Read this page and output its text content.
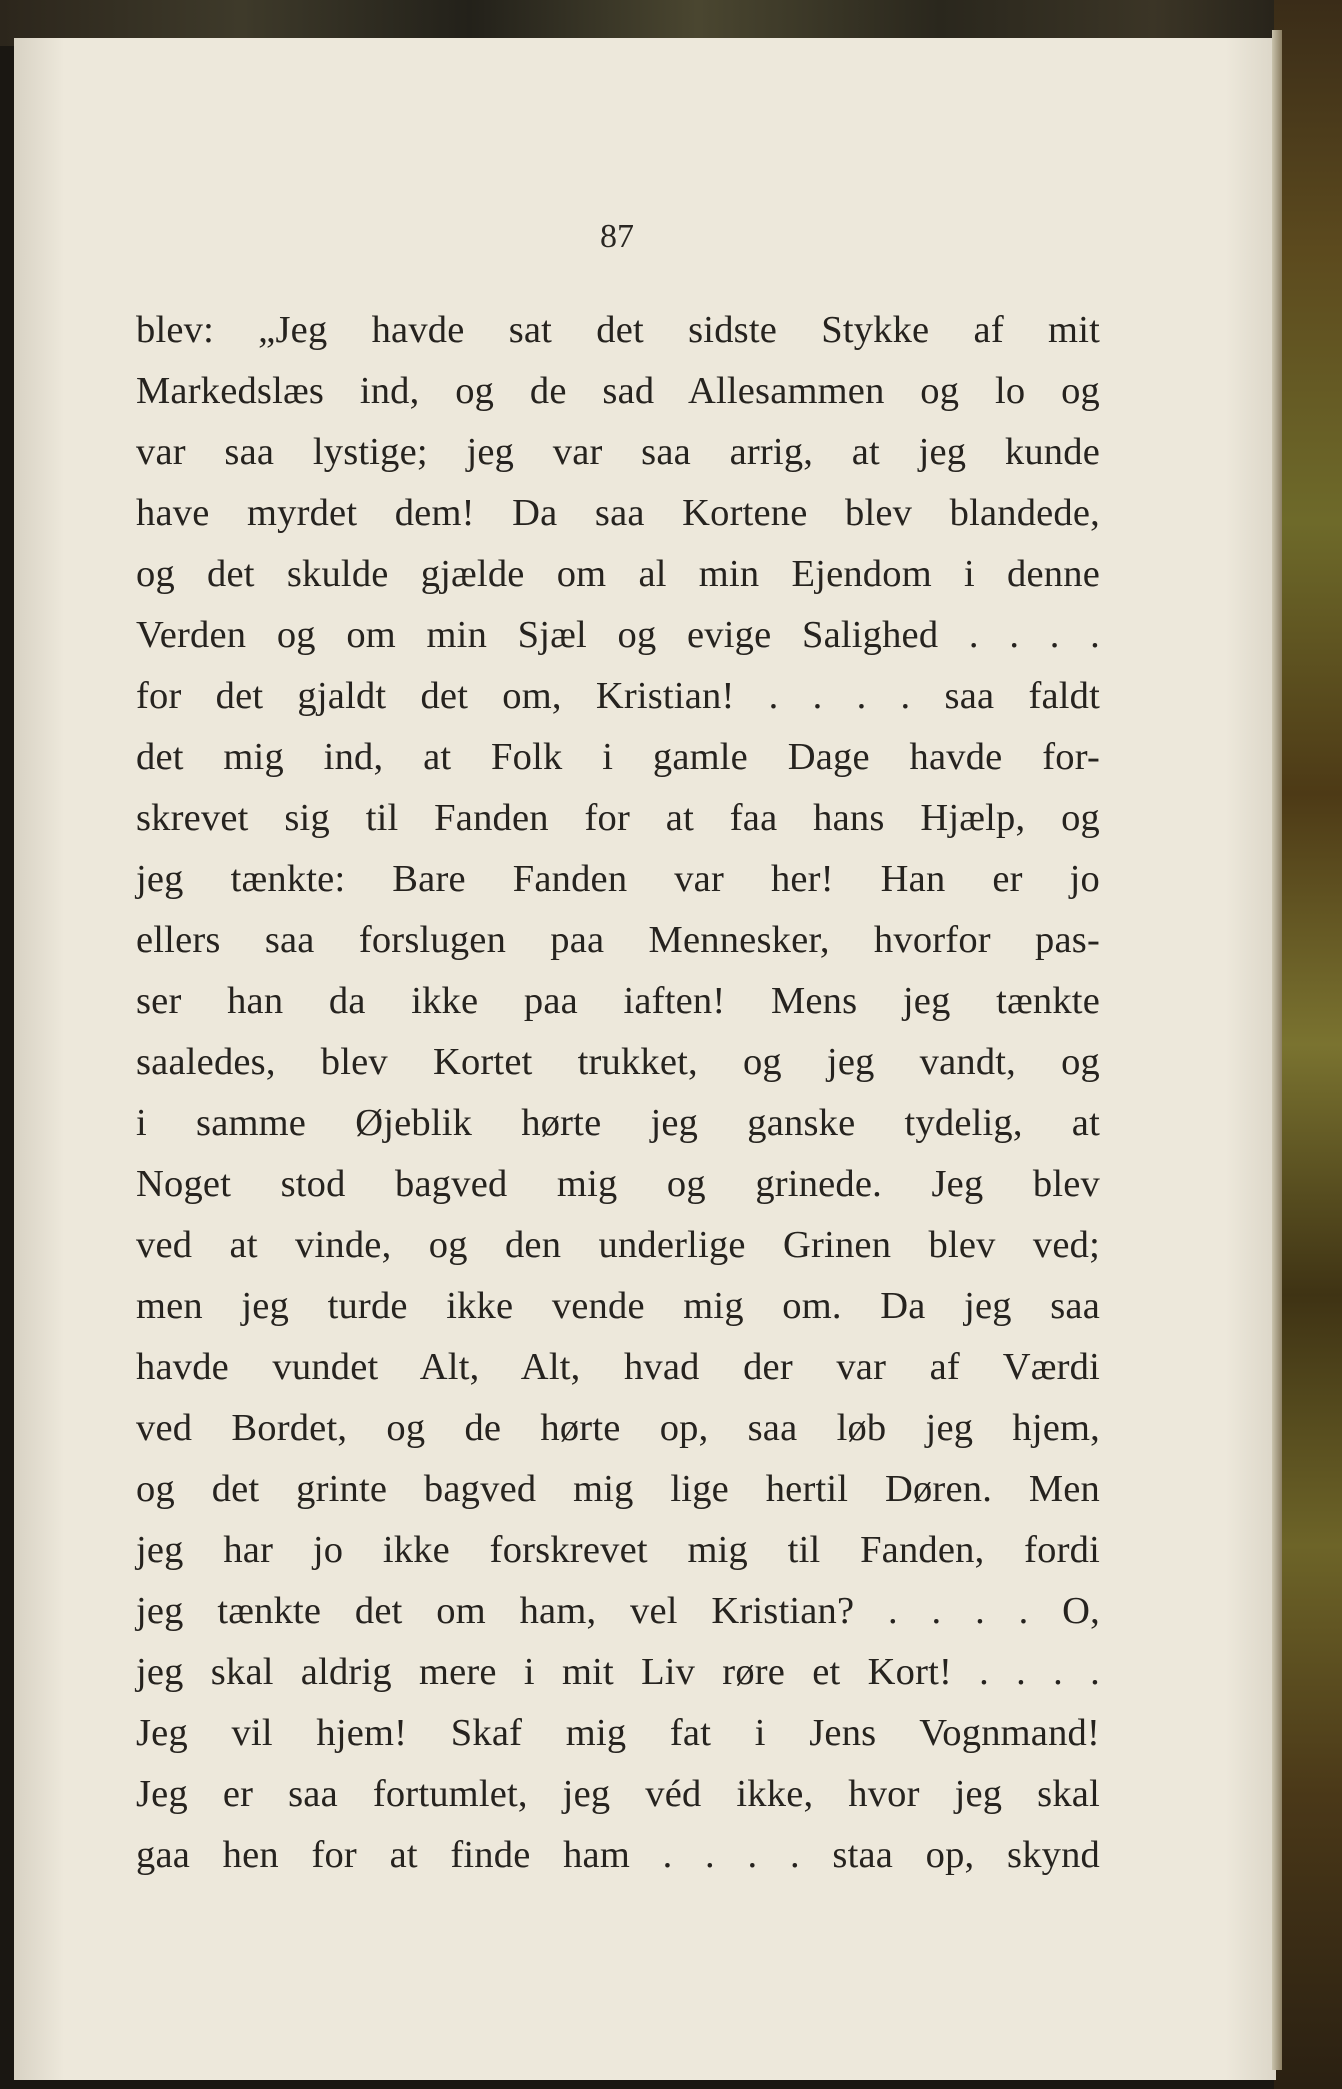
87

blev: „Jeg havde sat det sidste Stykke af mit
Markedslæs ind, og de sad Allesammen og lo og
var saa lystige; jeg var saa arrig, at jeg kunde
have myrdet dem! Da saa Kortene blev blandede,
og det skulde gjælde om al min Ejendom i denne
Verden og om min Sjæl og evige Salighed . . . .
for det gjaldt det om, Kristian! . . . . saa faldt
det mig ind, at Folk i gamle Dage havde for-
skrevet sig til Fanden for at faa hans Hjælp, og
jeg tænkte: Bare Fanden var her! Han er jo
ellers saa forslugen paa Mennesker, hvorfor pas-
ser han da ikke paa iaften! Mens jeg tænkte
saaledes, blev Kortet trukket, og jeg vandt, og
i samme Øjeblik hørte jeg ganske tydelig, at
Noget stod bagved mig og grinede. Jeg blev
ved at vinde, og den underlige Grinen blev ved;
men jeg turde ikke vende mig om. Da jeg saa
havde vundet Alt, Alt, hvad der var af Værdi
ved Bordet, og de hørte op, saa løb jeg hjem,
og det grinte bagved mig lige hertil Døren. Men
jeg har jo ikke forskrevet mig til Fanden, fordi
jeg tænkte det om ham, vel Kristian? . . . . O,
jeg skal aldrig mere i mit Liv røre et Kort! . . . .
Jeg vil hjem! Skaf mig fat i Jens Vognmand!
Jeg er saa fortumlet, jeg véd ikke, hvor jeg skal
gaa hen for at finde ham . . . . staa op, skynd
